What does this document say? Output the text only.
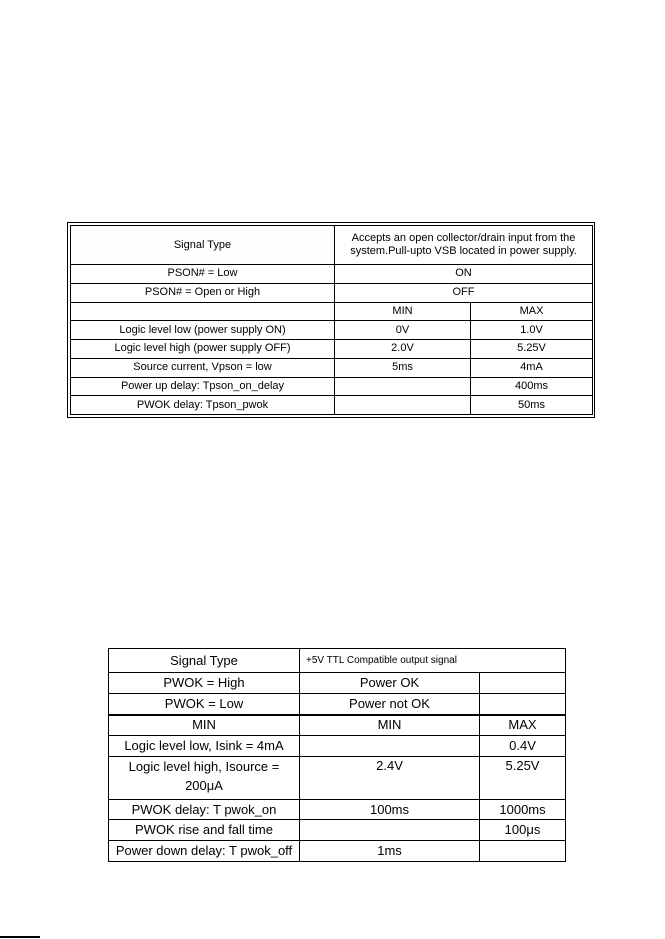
Signal Type	Accepts an open collector/drain input from the system.Pull-upto VSB located in power supply.	
PSON# = Low	ON	
PSON# = Open or High	OFF	
	MIN	MAX
Logic level low (power supply ON)	0V	1.0V
Logic level high (power supply OFF)	2.0V	5.25V
Source current, Vpson = low	5ms	4mA
Power up delay: Tpson_on_delay		400ms
PWOK delay: Tpson_pwok		50ms
Signal Type	+5V TTL Compatible output signal	
PWOK = High	Power OK	
PWOK = Low	Power not OK	
MIN	MIN	MAX
Logic level low, Isink = 4mA		0.4V
Logic level high, Isource = 200μA	2.4V	5.25V
PWOK delay: T pwok_on	100ms	1000ms
PWOK rise and fall time		100μs
Power down delay: T pwok_off	1ms	
